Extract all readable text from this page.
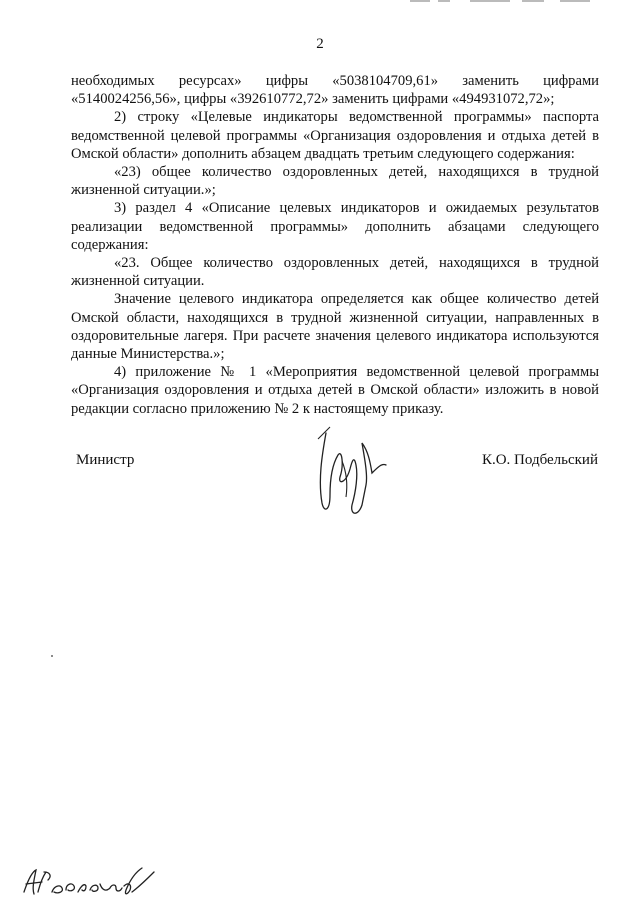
2

необходимых ресурсах» цифры «5038104709,61» заменить цифрами «5140024256,56», цифры «392610772,72» заменить цифрами «494931072,72»;

2) строку «Целевые индикаторы ведомственной программы» паспорта ведомственной целевой программы «Организация оздоровления и отдыха детей в Омской области» дополнить абзацем двадцать третьим следующего содержания:

«23) общее количество оздоровленных детей, находящихся в трудной жизненной ситуации.»;

3) раздел 4 «Описание целевых индикаторов и ожидаемых результатов реализации ведомственной программы» дополнить абзацами следующего содержания:

«23. Общее количество оздоровленных детей, находящихся в трудной жизненной ситуации.

Значение целевого индикатора определяется как общее количество детей Омской области, находящихся в трудной жизненной ситуации, направленных в оздоровительные лагеря. При расчете значения целевого индикатора используются данные Министерства.»;

4) приложение № 1 «Мероприятия ведомственной целевой программы «Организация оздоровления и отдыха детей в Омской области» изложить в новой редакции согласно приложению № 2 к настоящему приказу.

Министр	К.О. Подбельский
